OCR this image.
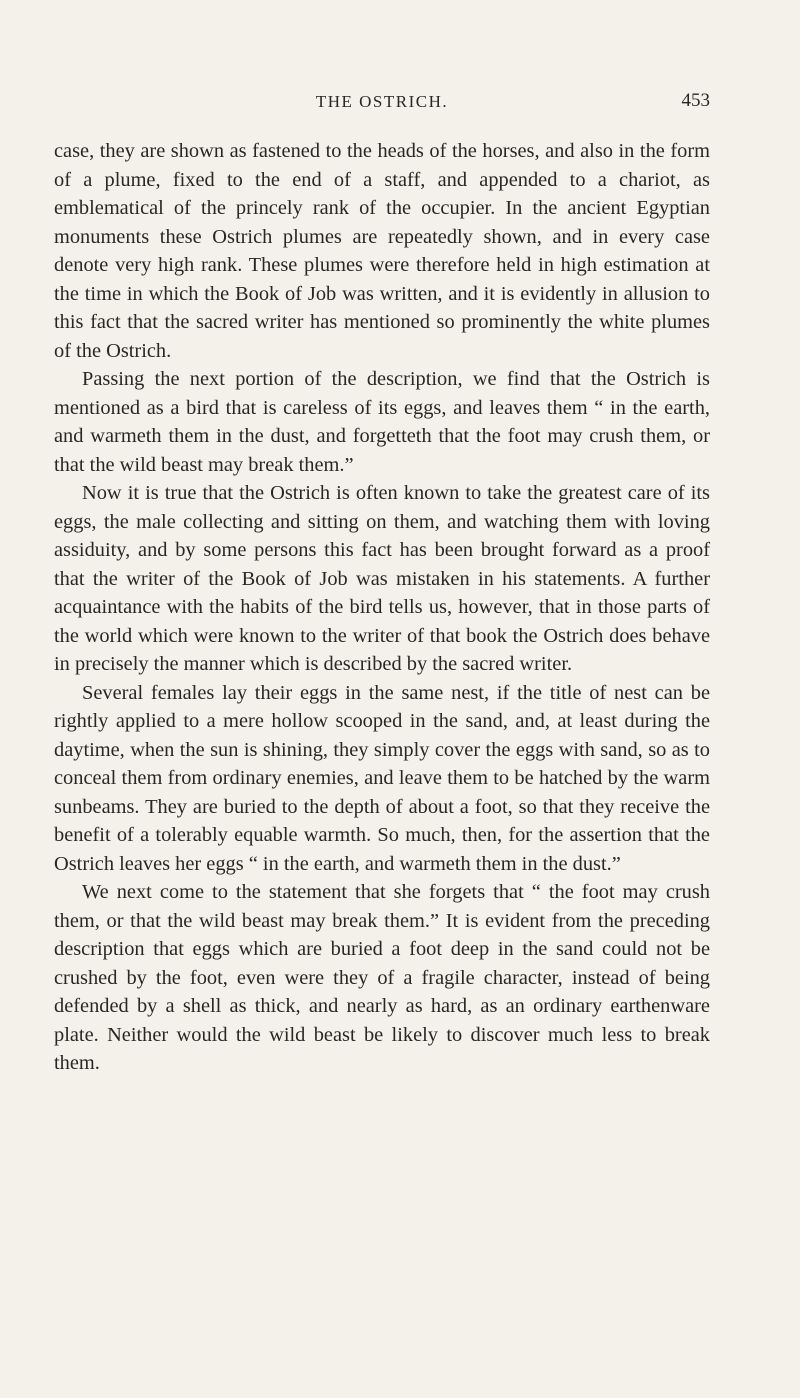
THE OSTRICH.	453

case, they are shown as fastened to the heads of the horses, and also in the form of a plume, fixed to the end of a staff, and appended to a chariot, as emblematical of the princely rank of the occupier. In the ancient Egyptian monuments these Ostrich plumes are repeatedly shown, and in every case denote very high rank. These plumes were therefore held in high estimation at the time in which the Book of Job was written, and it is evidently in allusion to this fact that the sacred writer has mentioned so prominently the white plumes of the Ostrich.

Passing the next portion of the description, we find that the Ostrich is mentioned as a bird that is careless of its eggs, and leaves them “ in the earth, and warmeth them in the dust, and forgetteth that the foot may crush them, or that the wild beast may break them.”

Now it is true that the Ostrich is often known to take the greatest care of its eggs, the male collecting and sitting on them, and watching them with loving assiduity, and by some persons this fact has been brought forward as a proof that the writer of the Book of Job was mistaken in his statements. A further acquaintance with the habits of the bird tells us, however, that in those parts of the world which were known to the writer of that book the Ostrich does behave in precisely the manner which is described by the sacred writer.

Several females lay their eggs in the same nest, if the title of nest can be rightly applied to a mere hollow scooped in the sand, and, at least during the daytime, when the sun is shining, they simply cover the eggs with sand, so as to conceal them from ordinary enemies, and leave them to be hatched by the warm sunbeams. They are buried to the depth of about a foot, so that they receive the benefit of a tolerably equable warmth. So much, then, for the assertion that the Ostrich leaves her eggs “ in the earth, and warmeth them in the dust.”

We next come to the statement that she forgets that “ the foot may crush them, or that the wild beast may break them.” It is evident from the preceding description that eggs which are buried a foot deep in the sand could not be crushed by the foot, even were they of a fragile character, instead of being defended by a shell as thick, and nearly as hard, as an ordinary earthenware plate. Neither would the wild beast be likely to discover much less to break them.
